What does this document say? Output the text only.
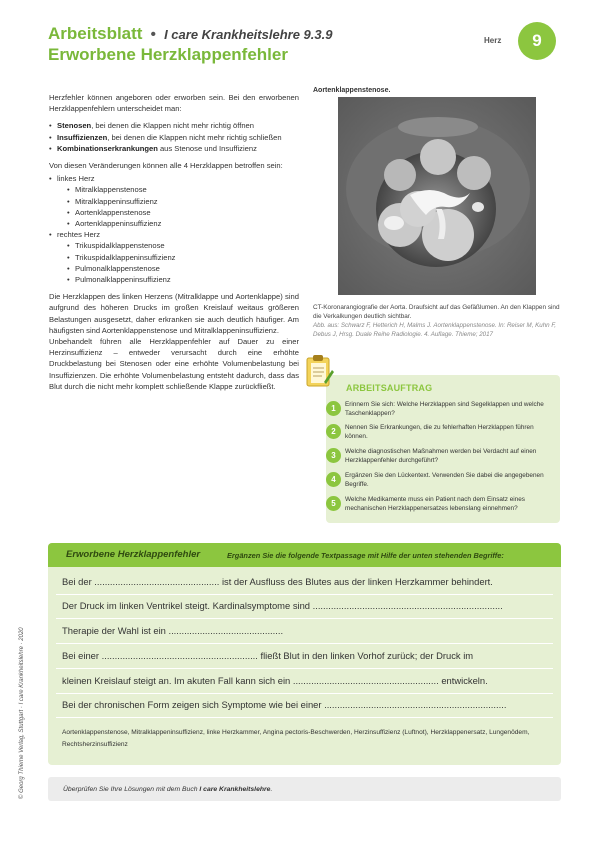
Arbeitsblatt • I care Krankheitslehre 9.3.9
Erworbene Herzklappenfehler
Herz	9

Herzfehler können angeboren oder erworben sein. Bei den erworbenen Herzklappenfehlern unterscheidet man:

• Stenosen, bei denen die Klappen nicht mehr richtig öffnen
• Insuffizienzen, bei denen die Klappen nicht mehr richtig schließen
• Kombinationserkrankungen aus Stenose und Insuffizienz

Von diesen Veränderungen können alle 4 Herzklappen betroffen sein:

• linkes Herz
• Mitralklappenstenose
• Mitralklappeninsuffizienz
• Aortenklappenstenose
• Aortenklappeninsuffizienz
• rechtes Herz
• Trikuspidalklappenstenose
• Trikuspidalklappeninsuffizienz
• Pulmonalklappenstenose
• Pulmonalklappeninsuffizienz

Die Herzklappen des linken Herzens (Mitralklappe und Aortenklappe) sind aufgrund des höheren Drucks im großen Kreislauf weitaus größeren Belastungen ausgesetzt, daher erkranken sie auch deutlich häufiger. Am häufigsten sind Aortenklappenstenose und Mitralklappeninsuffizienz.

Unbehandelt führen alle Herzklappenfehler auf Dauer zu einer Herzinsuffizienz – entweder verursacht durch eine erhöhte Druckbelastung bei Stenosen oder eine erhöhte Volumenbelastung bei Insuffizienzen. Die erhöhte Volumenbelastung entsteht dadurch, dass das Blut durch die nicht mehr komplett schließende Klappe zurückfließt.

Aortenklappenstenose.
CT-Koronarangiografie der Aorta. Draufsicht auf das Gefäßlumen. An den Klappen sind die Verkalkungen deutlich sichtbar.
Abb. aus: Schwarz F, Hetterich H, Malms J. Aortenklappenstenose. In: Reiser M, Kuhn F, Debus J, Hrsg. Duale Reihe Radiologie. 4. Auflage. Thieme; 2017
ARBEITSAUFTRAG
1	Erinnern Sie sich: Welche Herzklappen sind Segelklappen und welche Taschenklappen?
2	Nennen Sie Erkrankungen, die zu fehlerhaften Herzklappen führen können.
3	Welche diagnostischen Maßnahmen werden bei Verdacht auf einen Herzklappenfehler durchgeführt?
4	Ergänzen Sie den Lückentext. Verwenden Sie dabei die angegebenen Begriffe.
5	Welche Medikamente muss ein Patient nach dem Einsatz eines mechanischen Herzklappenersatzes lebenslang einnehmen?
Erworbene Herzklappenfehler	Ergänzen Sie die folgende Textpassage mit Hilfe der unten stehenden Begriffe:
Bei der ................................................ ist der Ausfluss des Blutes aus der linken Herzkammer behindert.
Der Druck im linken Ventrikel steigt. Kardinalsymptome sind .........................................................................
Therapie der Wahl ist ein ............................................
Bei einer ............................................................ fließt Blut in den linken Vorhof zurück; der Druck im
kleinen Kreislauf steigt an. Im akuten Fall kann sich ein ........................................................ entwickeln.
Bei der chronischen Form zeigen sich Symptome wie bei einer ......................................................................
Aortenklappenstenose, Mitralklappeninsuffizienz, linke Herzkammer, Angina pectoris-Beschwerden, Herzinsuffizienz (Luftnot), Herzklappenersatz, Lungenödem, Rechtsherzinsuffizienz
Überprüfen Sie Ihre Lösungen mit dem Buch I care Krankheitslehre.
© Georg Thieme Verlag, Stuttgart · I care Krankheitslehre · 2020
